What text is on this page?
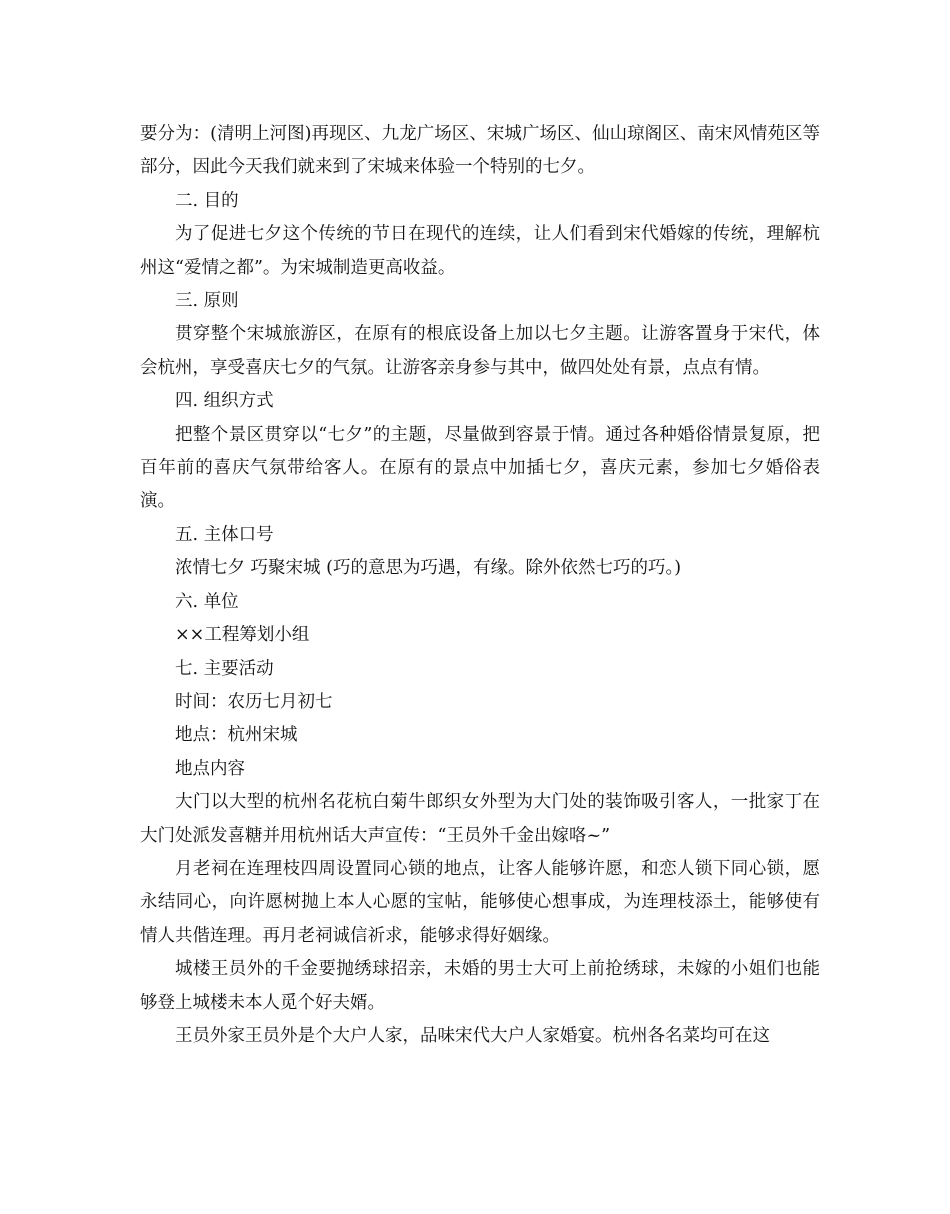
要分为：(清明上河图)再现区、九龙广场区、宋城广场区、仙山琼阁区、南宋风情苑区等部分，因此今天我们就来到了宋城来体验一个特别的七夕。

二. 目的

为了促进七夕这个传统的节日在现代的连续，让人们看到宋代婚嫁的传统，理解杭州这“爱情之都”。为宋城制造更高收益。

三. 原则

贯穿整个宋城旅游区，在原有的根底设备上加以七夕主题。让游客置身于宋代，体会杭州，享受喜庆七夕的气氛。让游客亲身参与其中，做四处处有景，点点有情。

四. 组织方式

把整个景区贯穿以“七夕”的主题，尽量做到容景于情。通过各种婚俗情景复原，把百年前的喜庆气氛带给客人。在原有的景点中加插七夕，喜庆元素，参加七夕婚俗表演。

五. 主体口号

浓情七夕 巧聚宋城 (巧的意思为巧遇，有缘。除外依然七巧的巧。)

六. 单位

××工程筹划小组

七. 主要活动

时间：农历七月初七

地点：杭州宋城

地点内容

大门以大型的杭州名花杭白菊牛郎织女外型为大门处的装饰吸引客人，一批家丁在大门处派发喜糖并用杭州话大声宣传：“王员外千金出嫁咯~”

月老祠在连理枝四周设置同心锁的地点，让客人能够许愿，和恋人锁下同心锁，愿永结同心，向许愿树抛上本人心愿的宝帖，能够使心想事成，为连理枝添土，能够使有情人共偕连理。再月老祠诚信祈求，能够求得好姻缘。

城楼王员外的千金要抛绣球招亲，未婚的男士大可上前抢绣球，未嫁的小姐们也能够登上城楼未本人觅个好夫婿。

王员外家王员外是个大户人家，品味宋代大户人家婚宴。杭州各名菜均可在这
